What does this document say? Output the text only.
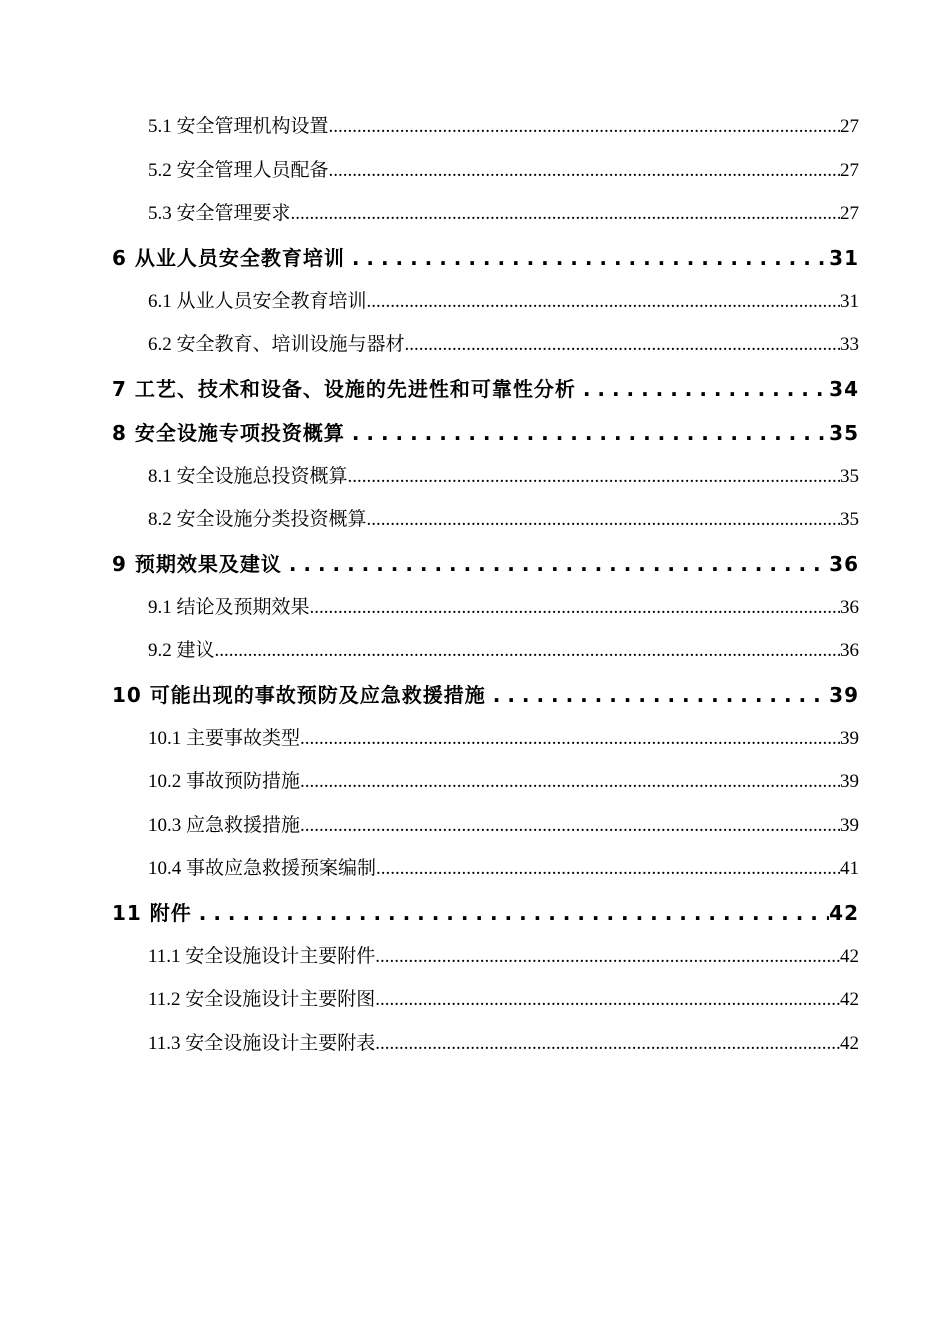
5.1 安全管理机构设置 .....	27
5.2 安全管理人员配备 .....	27
5.3 安全管理要求 .....	27
6 从业人员安全教育培训 . . .	31
6.1 从业人员安全教育培训 .....	31
6.2 安全教育、培训设施与器材 .....	33
7 工艺、技术和设备、设施的先进性和可靠性分析 . . .	34
8 安全设施专项投资概算 . . .	35
8.1 安全设施总投资概算 .....	35
8.2 安全设施分类投资概算 .....	35
9 预期效果及建议 . . .	36
9.1 结论及预期效果 .....	36
9.2 建议 .....	36
10 可能出现的事故预防及应急救援措施 . . .	39
10.1 主要事故类型 .....	39
10.2 事故预防措施 .....	39
10.3 应急救援措施 .....	39
10.4 事故应急救援预案编制 .....	41
11 附件 . . .	42
11.1 安全设施设计主要附件 .....	42
11.2 安全设施设计主要附图 .....	42
11.3 安全设施设计主要附表 .....	42
